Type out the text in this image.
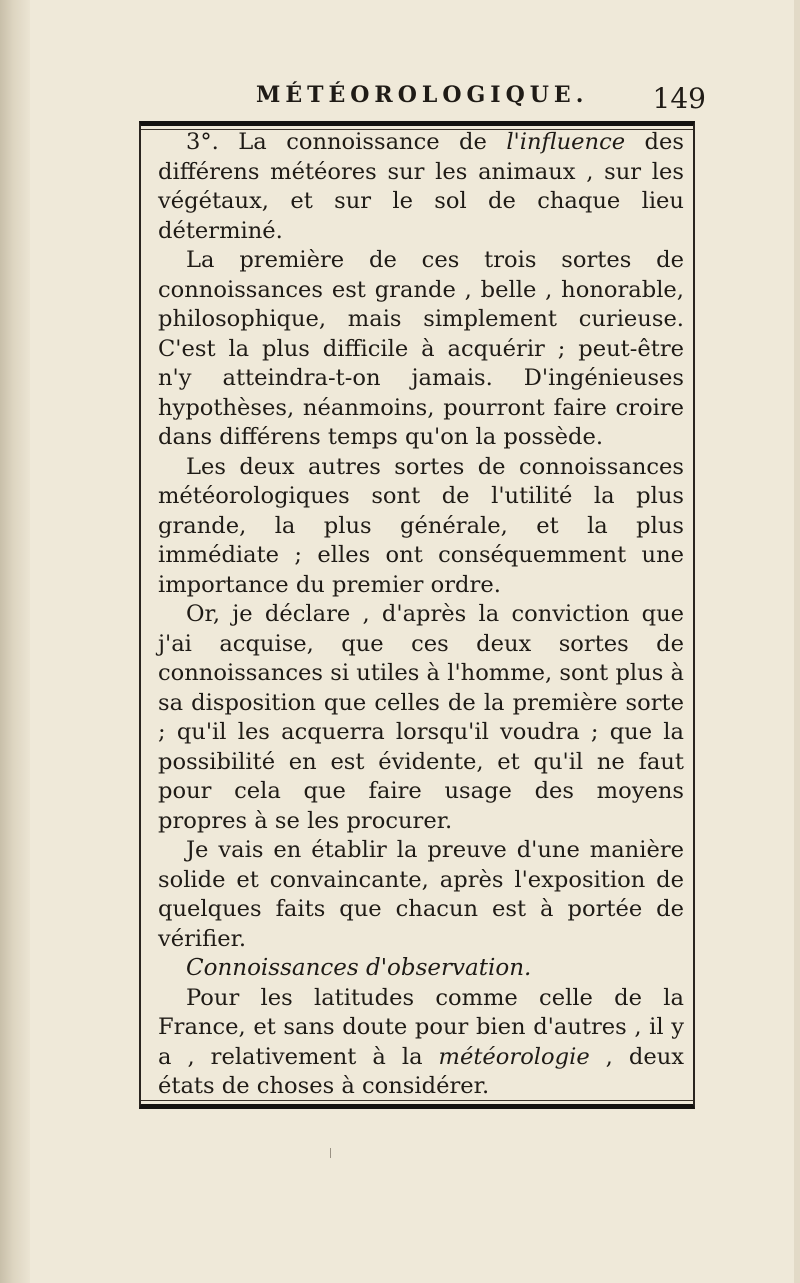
MÉTÉOROLOGIQUE. 149

3°. La connoissance de l'influence des différens météores sur les animaux , sur les végétaux, et sur le sol de chaque lieu déterminé.

La première de ces trois sortes de connoissances est grande , belle , honorable, philosophique, mais simplement curieuse. C'est la plus difficile à acquérir ; peut-être n'y atteindra-t-on jamais. D'ingénieuses hypothèses, néanmoins, pourront faire croire dans différens temps qu'on la possède.

Les deux autres sortes de connoissances météorologiques sont de l'utilité la plus grande, la plus générale, et la plus immédiate ; elles ont conséquemment une importance du premier ordre.

Or, je déclare , d'après la conviction que j'ai acquise, que ces deux sortes de connoissances si utiles à l'homme, sont plus à sa disposition que celles de la première sorte ; qu'il les acquerra lorsqu'il voudra ; que la possibilité en est évidente, et qu'il ne faut pour cela que faire usage des moyens propres à se les procurer.

Je vais en établir la preuve d'une manière solide et convaincante, après l'exposition de quelques faits que chacun est à portée de vérifier.

Connoissances d'observation.

Pour les latitudes comme celle de la France, et sans doute pour bien d'autres , il y a , relativement à la météorologie , deux états de choses à considérer.
